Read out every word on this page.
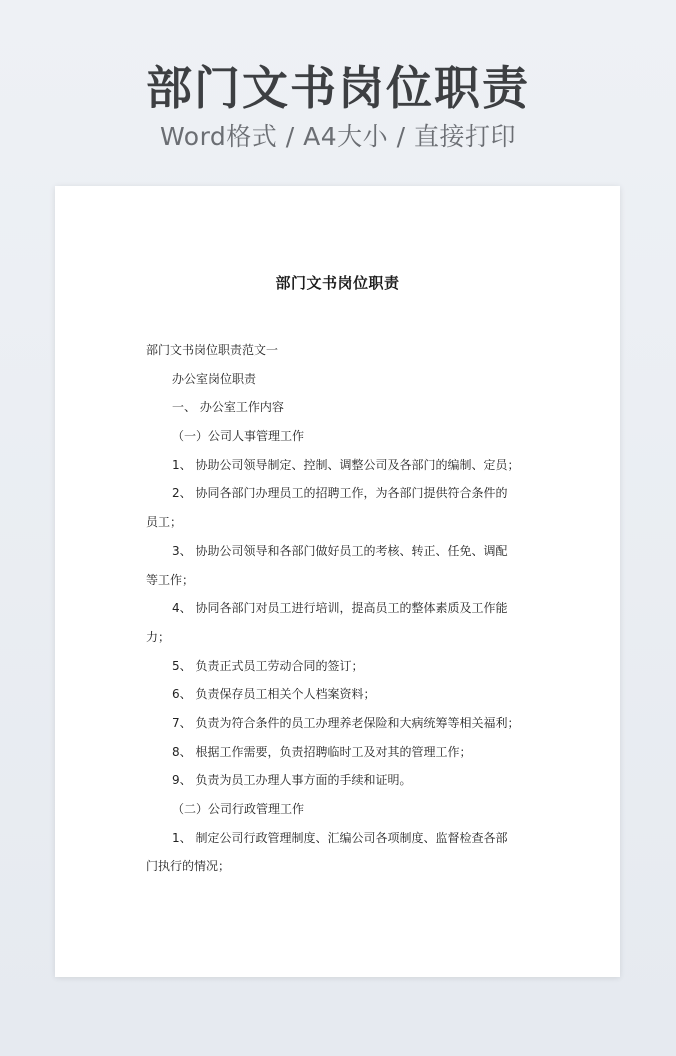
部门文书岗位职责
Word格式 / A4大小 / 直接打印
部门文书岗位职责
部门文书岗位职责范文一
办公室岗位职责
一、 办公室工作内容
（一）公司人事管理工作
1、 协助公司领导制定、控制、调整公司及各部门的编制、定员；
2、 协同各部门办理员工的招聘工作，为各部门提供符合条件的
员工；
3、 协助公司领导和各部门做好员工的考核、转正、任免、调配
等工作；
4、 协同各部门对员工进行培训，提高员工的整体素质及工作能
力；
5、 负责正式员工劳动合同的签订；
6、 负责保存员工相关个人档案资料；
7、 负责为符合条件的员工办理养老保险和大病统筹等相关福利；
8、 根据工作需要，负责招聘临时工及对其的管理工作；
9、 负责为员工办理人事方面的手续和证明。
（二）公司行政管理工作
1、 制定公司行政管理制度、汇编公司各项制度、监督检查各部
门执行的情况；
